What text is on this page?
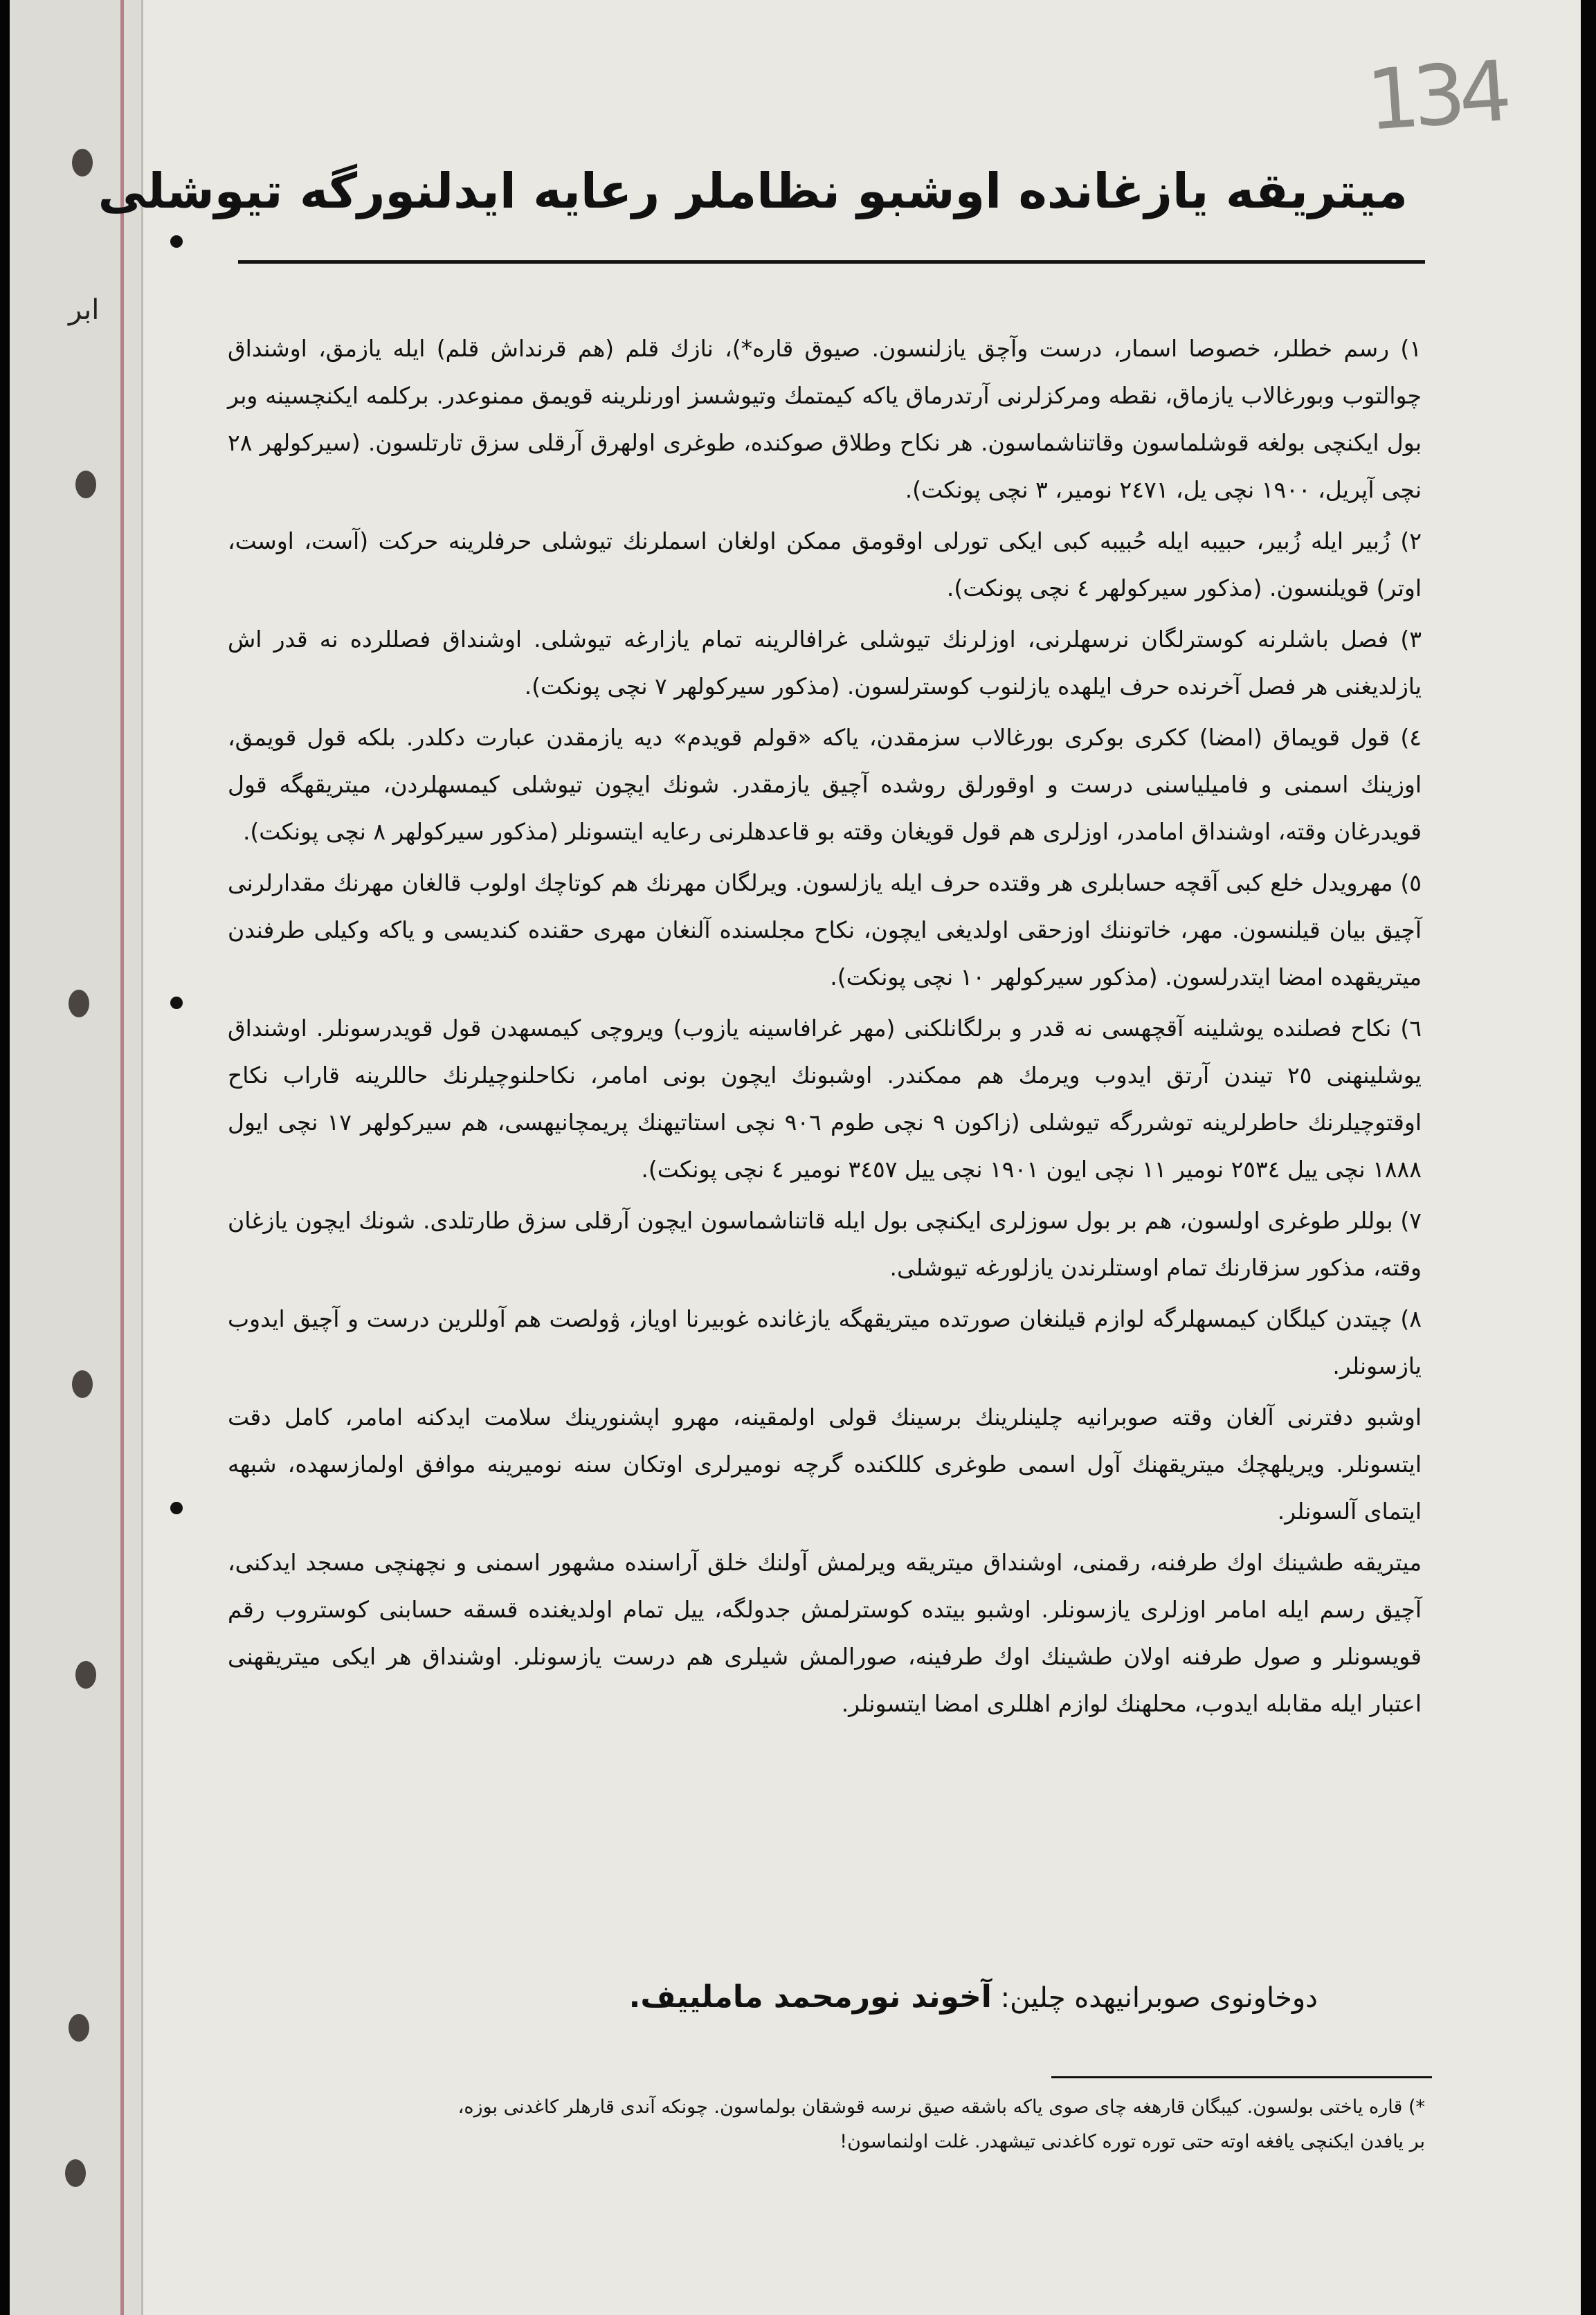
ابر
134
میتریقه یازغانده اوشبو نظاملر رعایه ایدلنورگه تیوشلی

١) رسم خطلر، خصوصا اسمار، درست وآچق یازلنسون. صیوق قاره*)، نازك قلم (هم قرنداش قلم) ایله یازمق، اوشنداق چوالتوب وبورغالاب یازماق، نقطه ومرکزلرنی آرتدرماق یاکه کیمتمك وتیوشسز اورنلرینه قویمق ممنوعدر. برکلمه ایکنچسینه وبر بول ایکنچی بولغه قوشلماسون وقاتناشماسون. هر نکاح وطلاق صوکنده، طوغری اولهرق آرقلی سزق تارتلسون. (سیرکولهر ٢٨ نچی آپریل، ١٩٠٠ نچی یل، ٢٤٧١ نومیر، ٣ نچی پونکت).

٢) زُبیر ایله زُبیر، حبیبه ایله حُبیبه کبی ایکی تورلی اوقومق ممکن اولغان اسملرنك تیوشلی حرفلرینه حرکت (آست، اوست، اوتر) قویلنسون. (مذکور سیرکولهر ٤ نچی پونکت).

٣) فصل باشلرنه کوسترلگان نرسهلرنی، اوزلرنك تیوشلی غرافالرینه تمام یازارغه تیوشلی. اوشنداق فصللرده نه قدر اش یازلدیغنی هر فصل آخرنده حرف ایلهده یازلنوب کوسترلسون. (مذکور سیرکولهر ٧ نچی پونکت).

٤) قول قویماق (امضا) ککری بوکری بورغالاب سزمقدن، یاکه «قولم قویدم» دیه یازمقدن عبارت دکلدر. بلکه قول قویمق، اوزینك اسمنی و فامیلیاسنی درست و اوقورلق روشده آچیق یازمقدر. شونك ایچون تیوشلی کیمسهلردن، میتریقهگه قول قویدرغان وقته، اوشنداق امامدر، اوزلری هم قول قویغان وقته بو قاعدهلرنی رعایه ایتسونلر (مذکور سیرکولهر ٨ نچی پونکت).

٥) مهرویدل خلع کبی آقچه حسابلری هر وقتده حرف ایله یازلسون. ویرلگان مهرنك هم کوتاچك اولوب قالغان مهرنك مقدارلرنی آچیق بیان قیلنسون. مهر، خاتوننك اوزحقی اولدیغی ایچون، نکاح مجلسنده آلنغان مهری حقنده کندیسی و یاکه وکیلی طرفندن میتریقهده امضا ایتدرلسون. (مذکور سیرکولهر ١٠ نچی پونکت).

٦) نکاح فصلنده یوشلینه آقچهسی نه قدر و برلگانلکنی (مهر غرافاسینه یازوب) ویروچی کیمسهدن قول قویدرسونلر. اوشنداق یوشلینهنی ٢٥ تیندن آرتق ایدوب ویرمك هم ممکندر. اوشبونك ایچون بونی امامر، نکاحلنوچیلرنك حاللرینه قاراب نکاح اوقتوچیلرنك حاطرلرینه توشررگه تیوشلی (زاکون ٩ نچی طوم ٩٠٦ نچی استاتیهنك پریمچانیهسی، هم سیرکولهر ١٧ نچی ایول ١٨٨٨ نچی ییل ٢٥٣٤ نومیر ١١ نچی ایون ١٩٠١ نچی ییل ٣٤٥٧ نومیر ٤ نچی پونکت).

٧) بوللر طوغری اولسون، هم بر بول سوزلری ایکنچی بول ایله قاتناشماسون ایچون آرقلی سزق طارتلدی. شونك ایچون یازغان وقته، مذکور سزقارنك تمام اوستلرندن یازلورغه تیوشلی.

٨) چیتدن کیلگان کیمسهلرگه لوازم قیلنغان صورتده میتریقهگه یازغانده غوبیرنا اویاز، ۋولصت هم آوللرین درست و آچیق ایدوب یازسونلر.

اوشبو دفترنی آلغان وقته صوبرانیه چلینلرینك برسینك قولی اولمقینه، مهرو اپشنورینك سلامت ایدکنه امامر، کامل دقت ایتسونلر. ویریلهچك میتریقهنك آول اسمی طوغری کللکنده گرچه نومیرلری اوتکان سنه نومیرینه موافق اولمازسهده، شبهه ایتمای آلسونلر.

میتریقه طشینك اوك طرفنه، رقمنی، اوشنداق میتریقه ویرلمش آولنك خلق آراسنده مشهور اسمنی و نچهنچی مسجد ایدکنی، آچیق رسم ایله امامر اوزلری یازسونلر. اوشبو بیتده کوسترلمش جدولگه، ییل تمام اولدیغنده قسقه حسابنی کوستروب رقم قویسونلر و صول طرفنه اولان طشینك اوك طرفینه، صورالمش شیلری هم درست یازسونلر. اوشنداق هر ایکی میتریقهنی اعتبار ایله مقابله ایدوب، محلهنك لوازم اهللری امضا ایتسونلر.

دوخاونوی صوبرانیهده چلین: آخوند نورمحمد مامليیف.

*) قاره یاختی بولسون. کیبگان قارهغه چای صوی یاکه باشقه صیق نرسه قوشقان بولماسون. چونکه آندی قارهلر کاغدنی بوزه،

بر یافدن ایکنچی یافغه اوته حتی توره توره کاغدنی تیشهدر. غلت اولنماسون!
